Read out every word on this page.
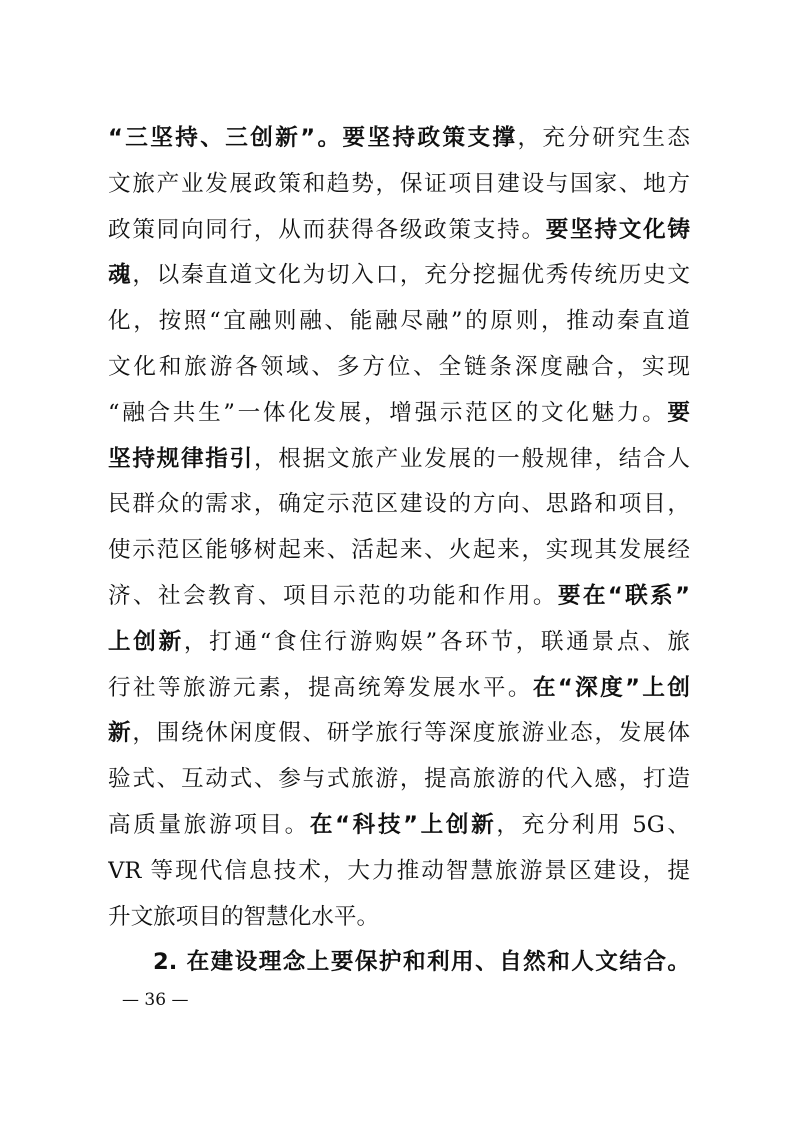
“三坚持、三创新”。要坚持政策支撑，充分研究生态
文旅产业发展政策和趋势，保证项目建设与国家、地方
政策同向同行，从而获得各级政策支持。要坚持文化铸
魂，以秦直道文化为切入口，充分挖掘优秀传统历史文
化，按照“宜融则融、能融尽融”的原则，推动秦直道
文化和旅游各领域、多方位、全链条深度融合，实现
“融合共生”一体化发展，增强示范区的文化魅力。要
坚持规律指引，根据文旅产业发展的一般规律，结合人
民群众的需求，确定示范区建设的方向、思路和项目，
使示范区能够树起来、活起来、火起来，实现其发展经
济、社会教育、项目示范的功能和作用。要在“联系”
上创新，打通“食住行游购娱”各环节，联通景点、旅
行社等旅游元素，提高统筹发展水平。在“深度”上创
新，围绕休闲度假、研学旅行等深度旅游业态，发展体
验式、互动式、参与式旅游，提高旅游的代入感，打造
高质量旅游项目。在“科技”上创新，充分利用 5G、
VR 等现代信息技术，大力推动智慧旅游景区建设，提
升文旅项目的智慧化水平。
2. 在建设理念上要保护和利用、自然和人文结合。
— 36 —
